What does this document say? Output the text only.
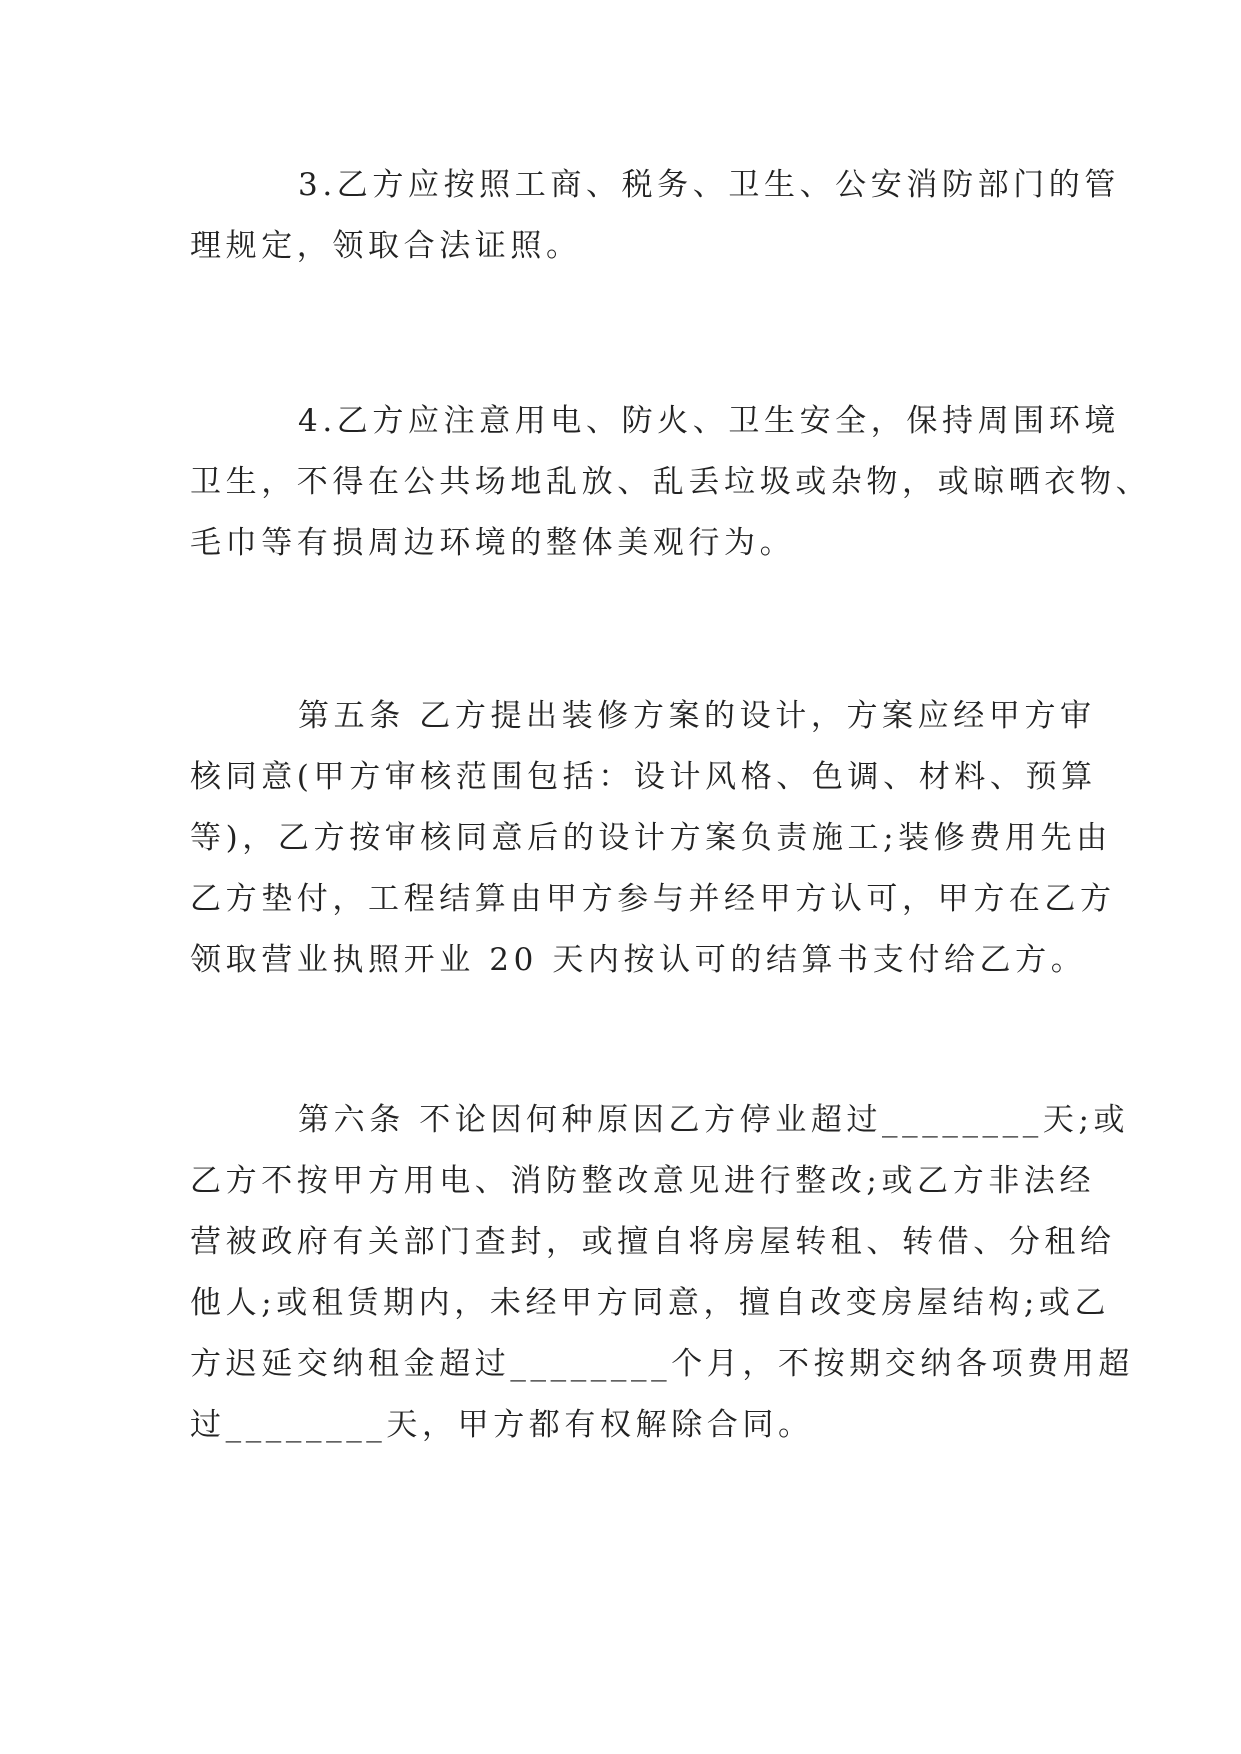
3.乙方应按照工商、税务、卫生、公安消防部门的管
理规定，领取合法证照。
4.乙方应注意用电、防火、卫生安全，保持周围环境
卫生，不得在公共场地乱放、乱丢垃圾或杂物，或晾晒衣物、
毛巾等有损周边环境的整体美观行为。
第五条 乙方提出装修方案的设计，方案应经甲方审
核同意(甲方审核范围包括：设计风格、色调、材料、预算
等)，乙方按审核同意后的设计方案负责施工;装修费用先由
乙方垫付，工程结算由甲方参与并经甲方认可，甲方在乙方
领取营业执照开业 20 天内按认可的结算书支付给乙方。
第六条 不论因何种原因乙方停业超过________天;或
乙方不按甲方用电、消防整改意见进行整改;或乙方非法经
营被政府有关部门查封，或擅自将房屋转租、转借、分租给
他人;或租赁期内，未经甲方同意，擅自改变房屋结构;或乙
方迟延交纳租金超过________个月，不按期交纳各项费用超
过________天，甲方都有权解除合同。
